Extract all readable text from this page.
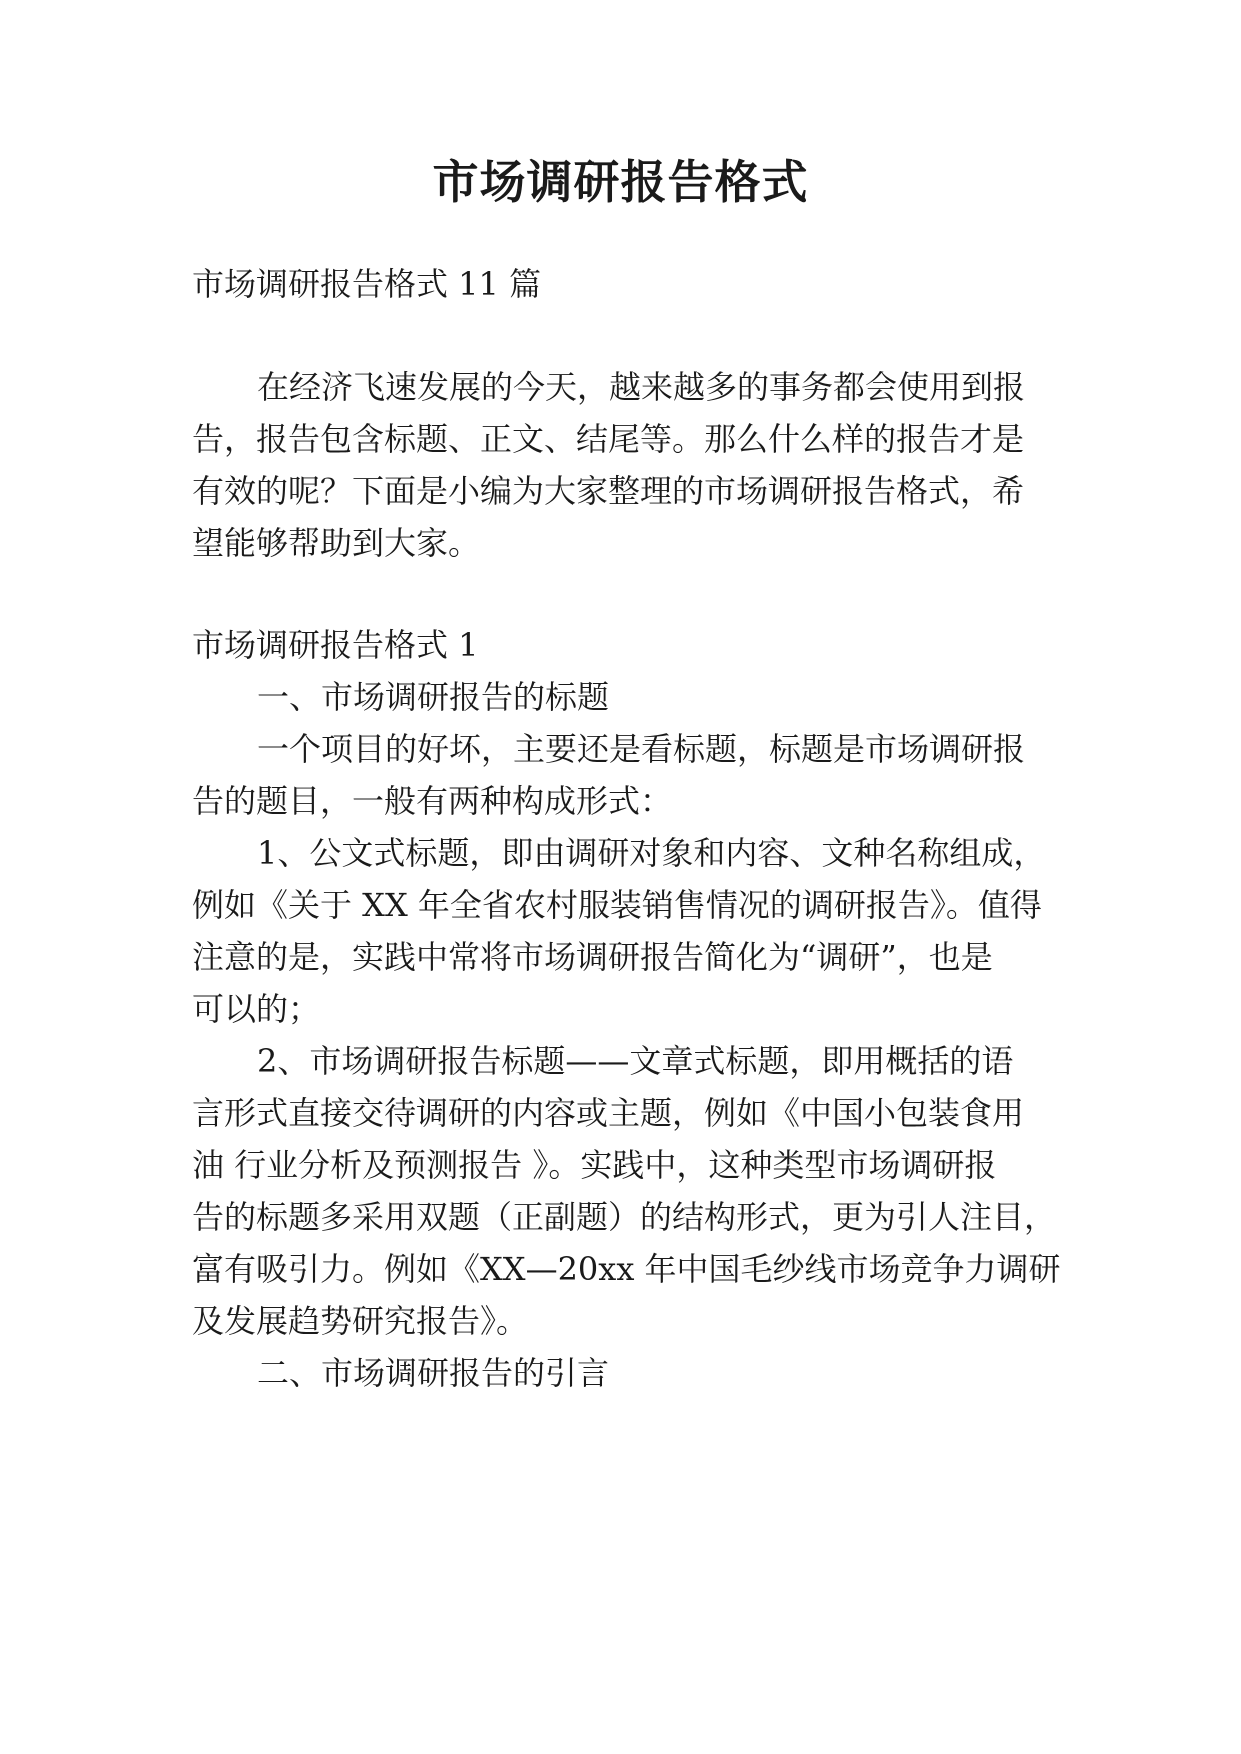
市场调研报告格式
市场调研报告格式 11 篇
在经济飞速发展的今天，越来越多的事务都会使用到报
告，报告包含标题、正文、结尾等。那么什么样的报告才是
有效的呢？下面是小编为大家整理的市场调研报告格式，希
望能够帮助到大家。
市场调研报告格式 1
一、市场调研报告的标题
一个项目的好坏，主要还是看标题，标题是市场调研报
告的题目，一般有两种构成形式：
1、公文式标题，即由调研对象和内容、文种名称组成，
例如《关于 XX 年全省农村服装销售情况的调研报告》。值得
注意的是，实践中常将市场调研报告简化为“调研”，也是
可以的；
2、市场调研报告标题——文章式标题，即用概括的语
言形式直接交待调研的内容或主题，例如《中国小包装食用
油 行业分析及预测报告 》。实践中，这种类型市场调研报
告的标题多采用双题（正副题）的结构形式，更为引人注目，
富有吸引力。例如《XX—20xx 年中国毛纱线市场竞争力调研
及发展趋势研究报告》。
二、市场调研报告的引言
